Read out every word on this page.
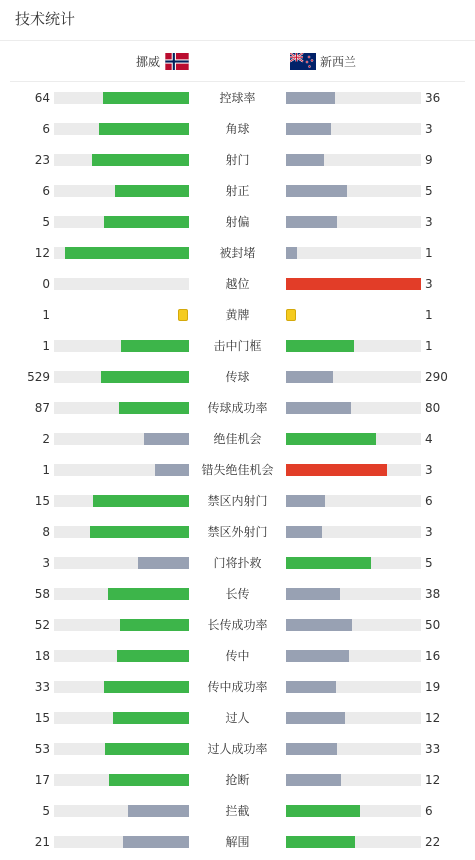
技术统计
挪威	新西兰
64	控球率	36
6	角球	3
23	射门	9
6	射正	5
5	射偏	3
12	被封堵	1
0	越位	3
1	黄牌	1
1	击中门框	1
529	传球	290
87	传球成功率	80
2	绝佳机会	4
1	错失绝佳机会	3
15	禁区内射门	6
8	禁区外射门	3
3	门将扑救	5
58	长传	38
52	长传成功率	50
18	传中	16
33	传中成功率	19
15	过人	12
53	过人成功率	33
17	抢断	12
5	拦截	6
21	解围	22
